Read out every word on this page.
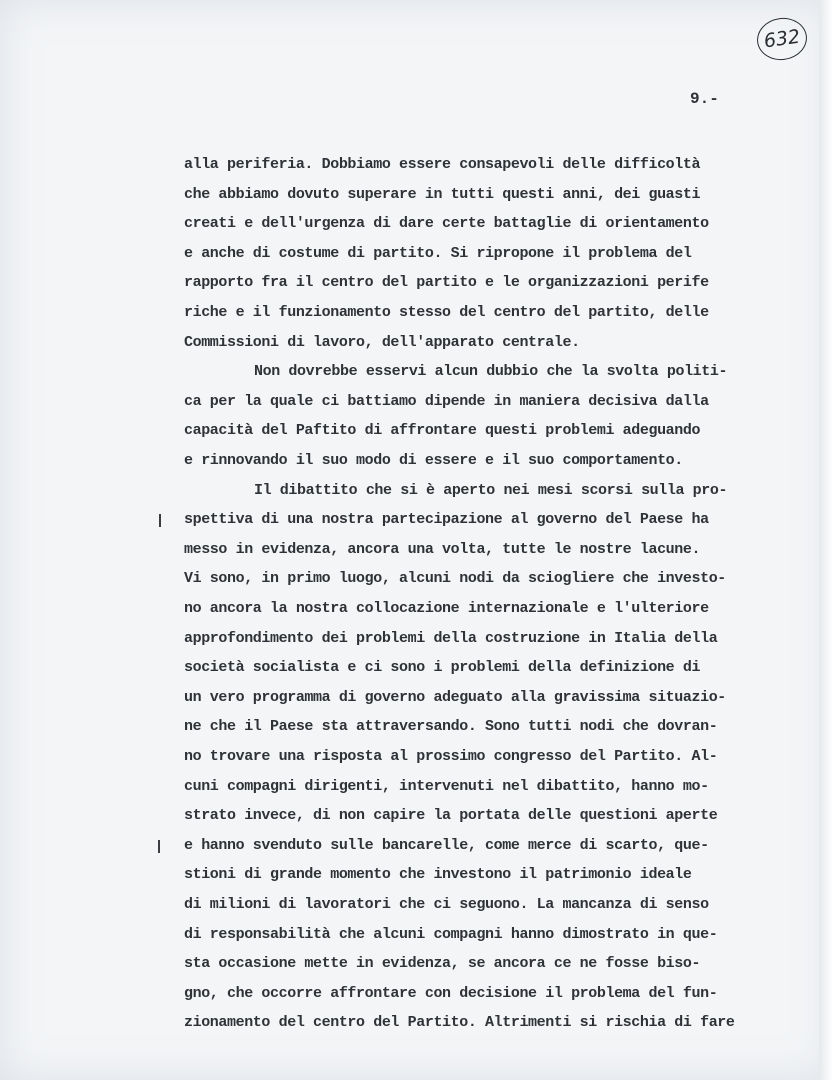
632
9.-
alla periferia. Dobbiamo essere consapevoli delle difficoltà
che abbiamo dovuto superare in tutti questi anni, dei guasti
creati e dell'urgenza di dare certe battaglie di orientamento
e anche di costume di partito. Si ripropone il problema del
rapporto fra il centro del partito e le organizzazioni perife
riche e il funzionamento stesso del centro del partito, delle
Commissioni di lavoro, dell'apparato centrale.
Non dovrebbe esservi alcun dubbio che la svolta politi-
ca per la quale ci battiamo dipende in maniera decisiva dalla
capacità del Paftito di affrontare questi problemi adeguando
e rinnovando il suo modo di essere e il suo comportamento.
Il dibattito che si è aperto nei mesi scorsi sulla pro-
spettiva di una nostra partecipazione al governo del Paese ha
messo in evidenza, ancora una volta, tutte le nostre lacune.
Vi sono, in primo luogo, alcuni nodi da sciogliere che investo-
no ancora la nostra collocazione internazionale e l'ulteriore
approfondimento dei problemi della costruzione in Italia della
società socialista e ci sono i problemi della definizione di
un vero programma di governo adeguato alla gravissima situazio-
ne che il Paese sta attraversando. Sono tutti nodi che dovran-
no trovare una risposta al prossimo congresso del Partito. Al-
cuni compagni dirigenti, intervenuti nel dibattito, hanno mo-
strato invece, di non capire la portata delle questioni aperte
e hanno svenduto sulle bancarelle, come merce di scarto, que-
stioni di grande momento che investono il patrimonio ideale
di milioni di lavoratori che ci seguono. La mancanza di senso
di responsabilità che alcuni compagni hanno dimostrato in que-
sta occasione mette in evidenza, se ancora ce ne fosse biso-
gno, che occorre affrontare con decisione il problema del fun-
zionamento del centro del Partito. Altrimenti si rischia di fare
